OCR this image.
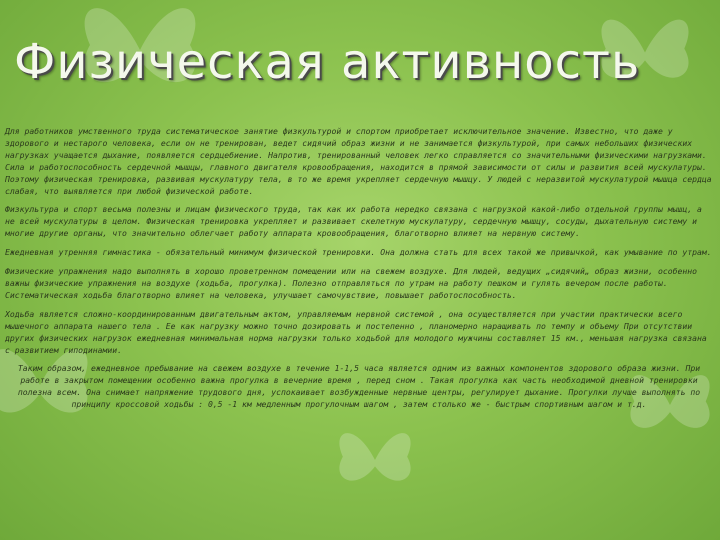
Физическая активность

Для работников умственного труда систематическое занятие физкультурой и спортом приобретает исключительное значение. Известно, что даже у здорового и нестарого человека, если он не тренирован, ведет сидячий образ жизни и не занимается физкультурой, при самых небольших физических нагрузках учащается дыхание, появляется сердцебиение. Напротив, тренированный человек легко справляется со значительными физическими нагрузками. Сила и работоспособность сердечной мышцы, главного двигателя кровообращения, находится в прямой зависимости от силы и развития всей мускулатуры. Поэтому физическая тренировка, развивая мускулатуру тела, в то же время укрепляет сердечную мышцу. У людей с неразвитой мускулатурой мышца сердца слабая, что выявляется при любой физической работе.

Физкультура и спорт весьма полезны и лицам физического труда, так как их работа нередко связана с нагрузкой какой-либо отдельной группы мышц, а не всей мускулатуры в целом. Физическая тренировка укрепляет и развивает скелетную мускулатуру, сердечную мышцу, сосуды, дыхательную систему и многие другие органы, что значительно облегчает работу аппарата кровообращения, благотворно влияет на нервную систему.

Ежедневная утренняя гимнастика - обязательный минимум физической тренировки. Она должна стать для всех такой же привычкой, как умывание по утрам.

Физические упражнения надо выполнять в хорошо проветренном помещении или на свежем воздухе. Для людей, ведущих „сидячий„ образ жизни, особенно важны физические упражнения на воздухе (ходьба, прогулка). Полезно отправляться по утрам на работу пешком и гулять вечером после работы. Систематическая ходьба благотворно влияет на человека, улучшает самочувствие, повышает работоспособность.

Ходьба является сложно-координированным двигательным актом, управляемым нервной системой , она осуществляется при участии практически всего мышечного аппарата нашего тела . Ее как нагрузку можно точно дозировать и постепенно , планомерно наращивать по темпу и объему При отсутствии других физических нагрузок ежедневная минимальная норма нагрузки только ходьбой для молодого мужчины составляет 15 км., меньшая нагрузка связана с развитием гиподинамии.

Таким образом, ежедневное пребывание на свежем воздухе в течение 1-1,5 часа является одним из важных компонентов здорового образа жизни. При работе в закрытом помещении особенно важна прогулка в вечерние время , перед сном . Такая прогулка как часть необходимой дневной тренировки полезна всем. Она снимает напряжение трудового дня, успокаивает возбужденные нервные центры, регулирует дыхание. Прогулки лучше выполнять по принципу кроссовой ходьбы : 0,5 -1 км медленным прогулочным шагом , затем столько же - быстрым спортивным шагом и т.д.
